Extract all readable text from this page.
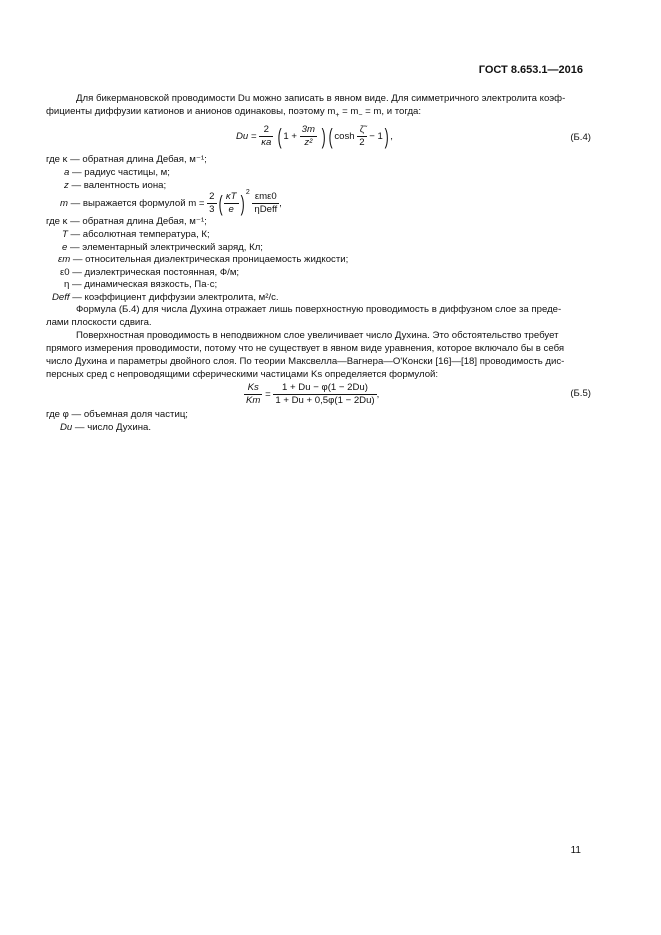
ГОСТ 8.653.1—2016
Для бикермановской проводимости Du можно записать в явном виде. Для симметричного электролита коэф-
фициенты диффузии катионов и анионов одинаковы, поэтому $m_+ = m_- = m$, и тогда:
$Du = \frac{2}{\kappa a}$ ( $1 + \frac{3m}{\text{z²}}$ ) ( $\cosh \frac{\zetã}{2} - 1$) ,	(Б.4)
где κ — обратная длина Дебая, м⁻¹;
a — радиус частицы, м;
z — валентность иона;
m — выражается формулой $m = \frac{2}{3}$ ( $\frac{\kappa T}{e}$ ) $^2 \frac{\text{εmε0}}{\text{ηDeff}}$ ,
где κ — обратная длина Дебая, м⁻¹;
T — абсолютная температура, К;
e — элементарный электрический заряд, Кл;
εm — относительная диэлектрическая проницаемость жидкости;
ε0 — диэлектрическая постоянная, Ф/м;
η — динамическая вязкость, Па·с;
Deff — коэффициент диффузии электролита, м²/с.
Формула (Б.4) для числа Духина отражает лишь поверхностную проводимость в диффузном слое за преде-
лами плоскости сдвига.
Поверхностная проводимость в неподвижном слое увеличивает число Духина. Это обстоятельство требует
прямого измерения проводимости, потому что не существует в явном виде уравнения, которое включало бы в себя
число Духина и параметры двойного слоя. По теории Максвелла—Вагнера—О'Конски [16]—[18] проводимость дис-
персных сред с непроводящими сферическими частицами Ks определяется формулой:
$\frac{Ks}{Km} = \frac{1 + Du - \varphi(1 - 2Du)}{1 + Du + 0,5\varphi(1 - 2Du)}$ ,	(Б.5)
где φ — объемная доля частиц;
Du — число Духина.
11
